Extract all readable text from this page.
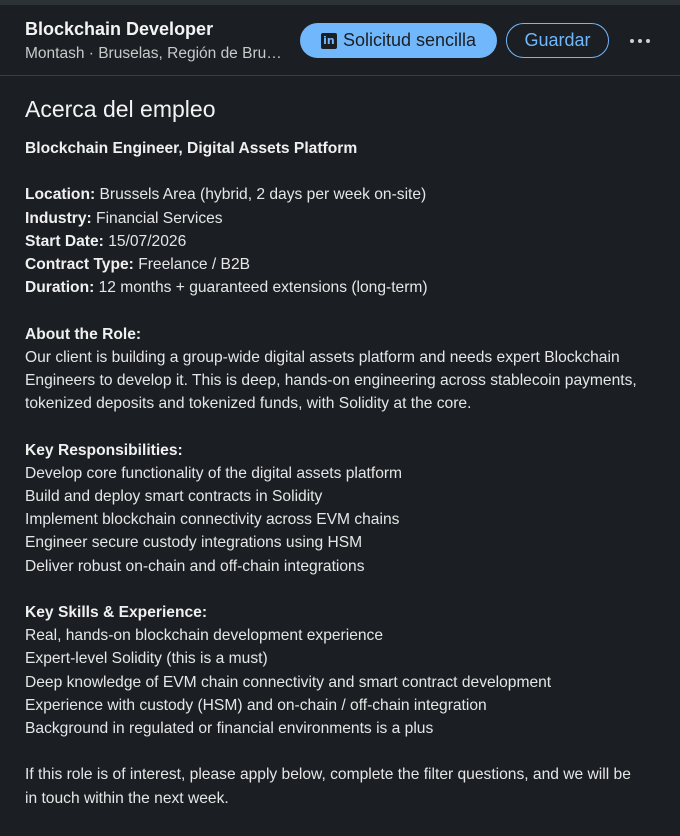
Blockchain Developer
Montash · Bruselas, Región de Bru…
in Solicitud sencilla	Guardar
Acerca del empleo
Blockchain Engineer, Digital Assets Platform
Location: Brussels Area (hybrid, 2 days per week on-site)
Industry: Financial Services
Start Date: 15/07/2026
Contract Type: Freelance / B2B
Duration: 12 months + guaranteed extensions (long-term)
About the Role:
Our client is building a group-wide digital assets platform and needs expert Blockchain
Engineers to develop it. This is deep, hands-on engineering across stablecoin payments,
tokenized deposits and tokenized funds, with Solidity at the core.
Key Responsibilities:
Develop core functionality of the digital assets platform
Build and deploy smart contracts in Solidity
Implement blockchain connectivity across EVM chains
Engineer secure custody integrations using HSM
Deliver robust on-chain and off-chain integrations
Key Skills & Experience:
Real, hands-on blockchain development experience
Expert-level Solidity (this is a must)
Deep knowledge of EVM chain connectivity and smart contract development
Experience with custody (HSM) and on-chain / off-chain integration
Background in regulated or financial environments is a plus
If this role is of interest, please apply below, complete the filter questions, and we will be
in touch within the next week.
